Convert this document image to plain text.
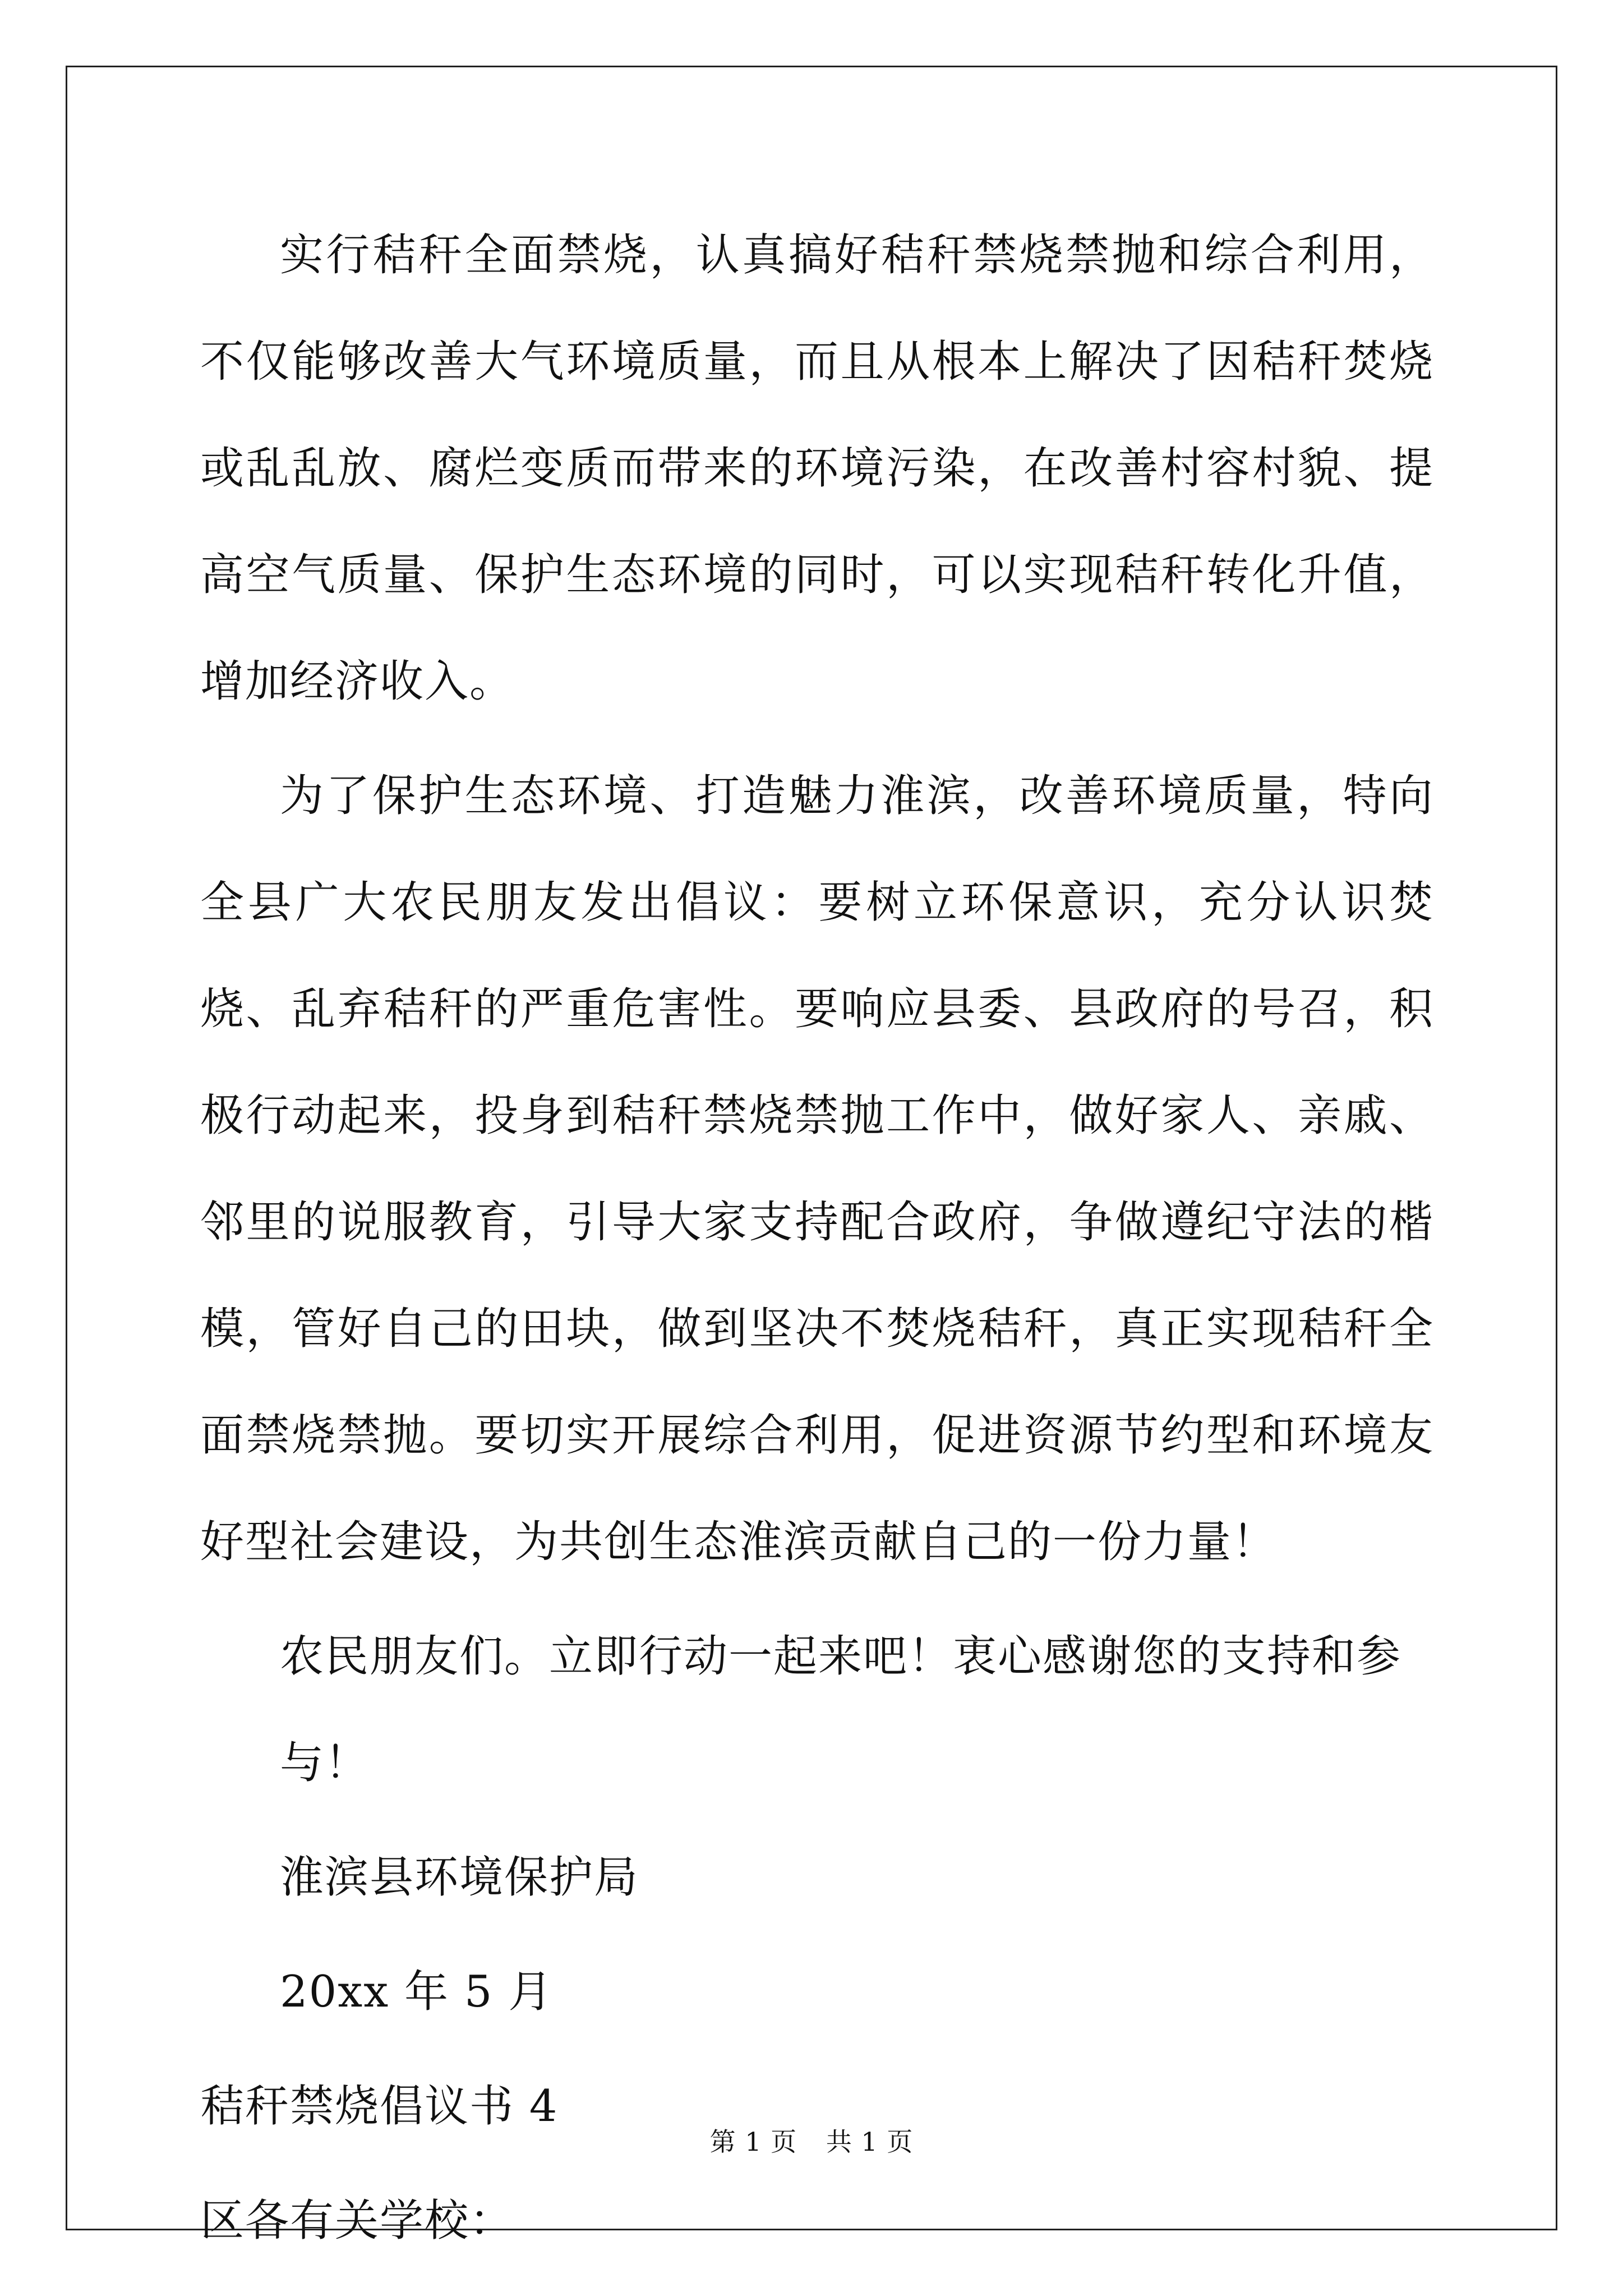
实行秸秆全面禁烧，认真搞好秸秆禁烧禁抛和综合利用，不仅能够改善大气环境质量，而且从根本上解决了因秸秆焚烧或乱乱放、腐烂变质而带来的环境污染，在改善村容村貌、提高空气质量、保护生态环境的同时，可以实现秸秆转化升值，增加经济收入。

为了保护生态环境、打造魅力淮滨，改善环境质量，特向全县广大农民朋友发出倡议：要树立环保意识，充分认识焚烧、乱弃秸秆的严重危害性。要响应县委、县政府的号召，积极行动起来，投身到秸秆禁烧禁抛工作中，做好家人、亲戚、邻里的说服教育，引导大家支持配合政府，争做遵纪守法的楷模，管好自己的田块，做到坚决不焚烧秸秆，真正实现秸秆全面禁烧禁抛。要切实开展综合利用，促进资源节约型和环境友好型社会建设，为共创生态淮滨贡献自己的一份力量！

农民朋友们。立即行动一起来吧！衷心感谢您的支持和参与！

淮滨县环境保护局

20xx 年 5 月

秸秆禁烧倡议书 4

区各有关学校：

第 1 页 共 1 页
